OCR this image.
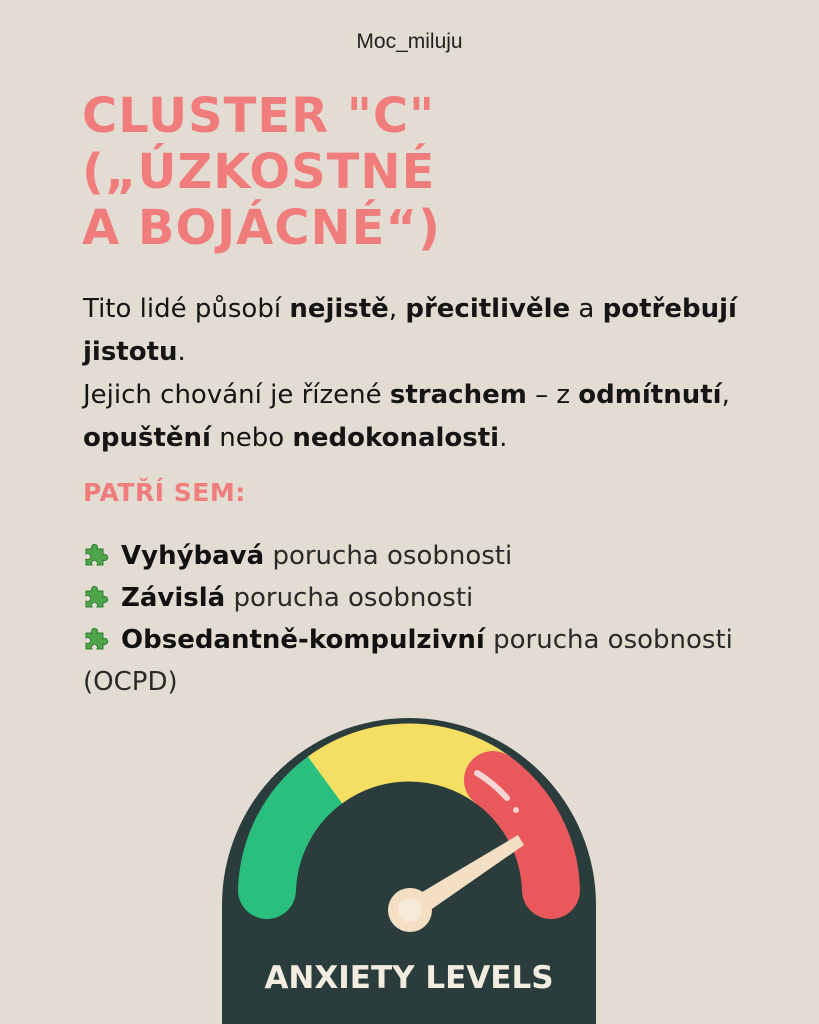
Moc_miluju
CLUSTER "C"
(„ÚZKOSTNÉ
A BOJÁCNÉ“)
Tito lidé působí nejistě, přecitlivěle a potřebují jistotu.
Jejich chování je řízené strachem – z odmítnutí, opuštění nebo nedokonalosti.
PATŘÍ SEM:
Vyhýbavá porucha osobnosti
Závislá porucha osobnosti
Obsedantně-kompulzivní porucha osobnosti (OCPD)
ANXIETY LEVELS
